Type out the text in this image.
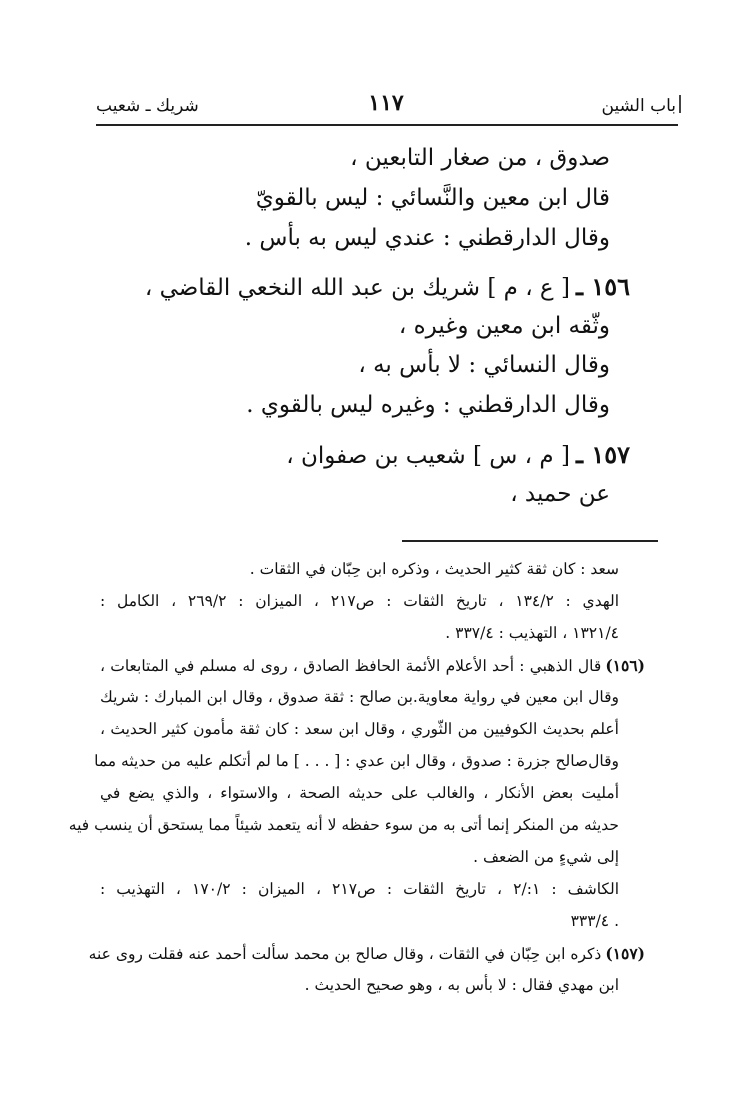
باب الشين
١١٧
شريك ـ شعيب
صدوق ، من صغار التابعين ،
قال ابن معين والنَّسائي : ليس بالقويّ
وقال الدارقطني : عندي ليس به بأس .
١٥٦ ـ[ ع ، م ] شريك بن عبد الله النخعي القاضي ،
وثّقه ابن معين وغيره ،
وقال النسائي : لا بأس به ،
وقال الدارقطني : وغيره ليس بالقوي .
١٥٧ ـ[ م ، س ] شعيب بن صفوان ،
عن حميد ،
سعد : كان ثقة كثير الحديث ، وذكره ابن حِبّان في الثقات .
الهدي : ١٣٤/٢ ، تاريخ الثقات : ص٢١٧ ، الميزان : ٢٦٩/٢ ، الكامل :
١٣٢١/٤ ، التهذيب : ٣٣٧/٤ .
(١٥٦)قال الذهبي : أحد الأعلام الأئمة الحافظ الصادق ، روى له مسلم في المتابعات ،
وقال ابن معين في رواية معاوية.بن صالح : ثقة صدوق ، وقال ابن المبارك : شريك
أعلم بحديث الكوفيين من الثّوري ، وقال ابن سعد : كان ثقة مأمون كثير الحديث ،
وقال‌صالح جزرة : صدوق ، وقال ابن عدي : [ . . . ] ما لم أتكلم عليه من حديثه مما
أمليت بعض الأنكار ، والغالب على حديثه الصحة ، والاستواء ، والذي يضع في
حديثه من المنكر إنما أتى به من سوء حفظه لا أنه يتعمد شيئاً مما يستحق أن ينسب فيه
إلى شيءٍ من الضعف .
الكاشف : ١:/٢ ، تاريخ الثقات : ص٢١٧ ، الميزان : ١٧٠/٢ ، التهذيب :
. ٣٣٣/٤
(١٥٧)ذكره ابن حِبّان في الثقات ، وقال صالح بن محمد سألت أحمد عنه فقلت روى عنه
ابن مهدي فقال : لا بأس به ، وهو صحيح الحديث .
